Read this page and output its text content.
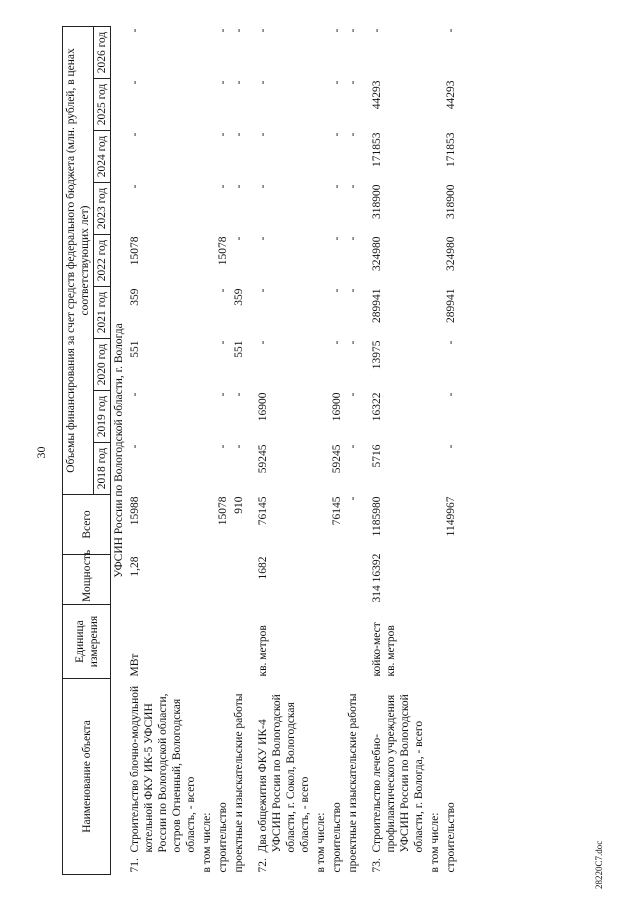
30
Наименование объекта	Единица измерения	Мощность	Всего	Объемы финансирования за счет средств федерального бюджета (млн. рублей, в ценах соответствующих лет)								
				2018 год	2019 год	2020 год	2021 год	2022 год	2023 год	2024 год	2025 год	2026 год
УФСИН России по Вологодской области, г. Вологда												
71.Строительство блочно-модульной котельной ФКУ ИК-5 УФСИН России по Вологодской области, остров Огненный, Вологодская область, - всего	МВт	1,28	15988	-	-	551	359	15078	-	-	-	-
в том числе:												
строительство			15078	-	-	-	-	15078	-	-	-	-
проектные и изыскательские работы			910	-	-	551	359	-	-	-	-	-

72.Два общежития ФКУ ИК-4 УФСИН России по Вологодской области, г. Сокол, Вологодская область, - всего	кв. метров	1682	76145	59245	16900	-	-	-	-	-	-	-
в том числе:												
строительство			76145	59245	16900	-	-	-	-	-	-	-
проектные и изыскательские работы			-	-	-	-	-	-	-	-	-	-

73.Строительство лечебно-профилактического учреждения УФСИН России по Вологодской области, г. Вологда, - всего	койко-мест кв. метров	314 16392	1185980	5716	16322	13975	289941	324980	318900	171853	44293	-
в том числе:												
строительство			1149967	-	-	-	289941	324980	318900	171853	44293	-

28220C7.doc
